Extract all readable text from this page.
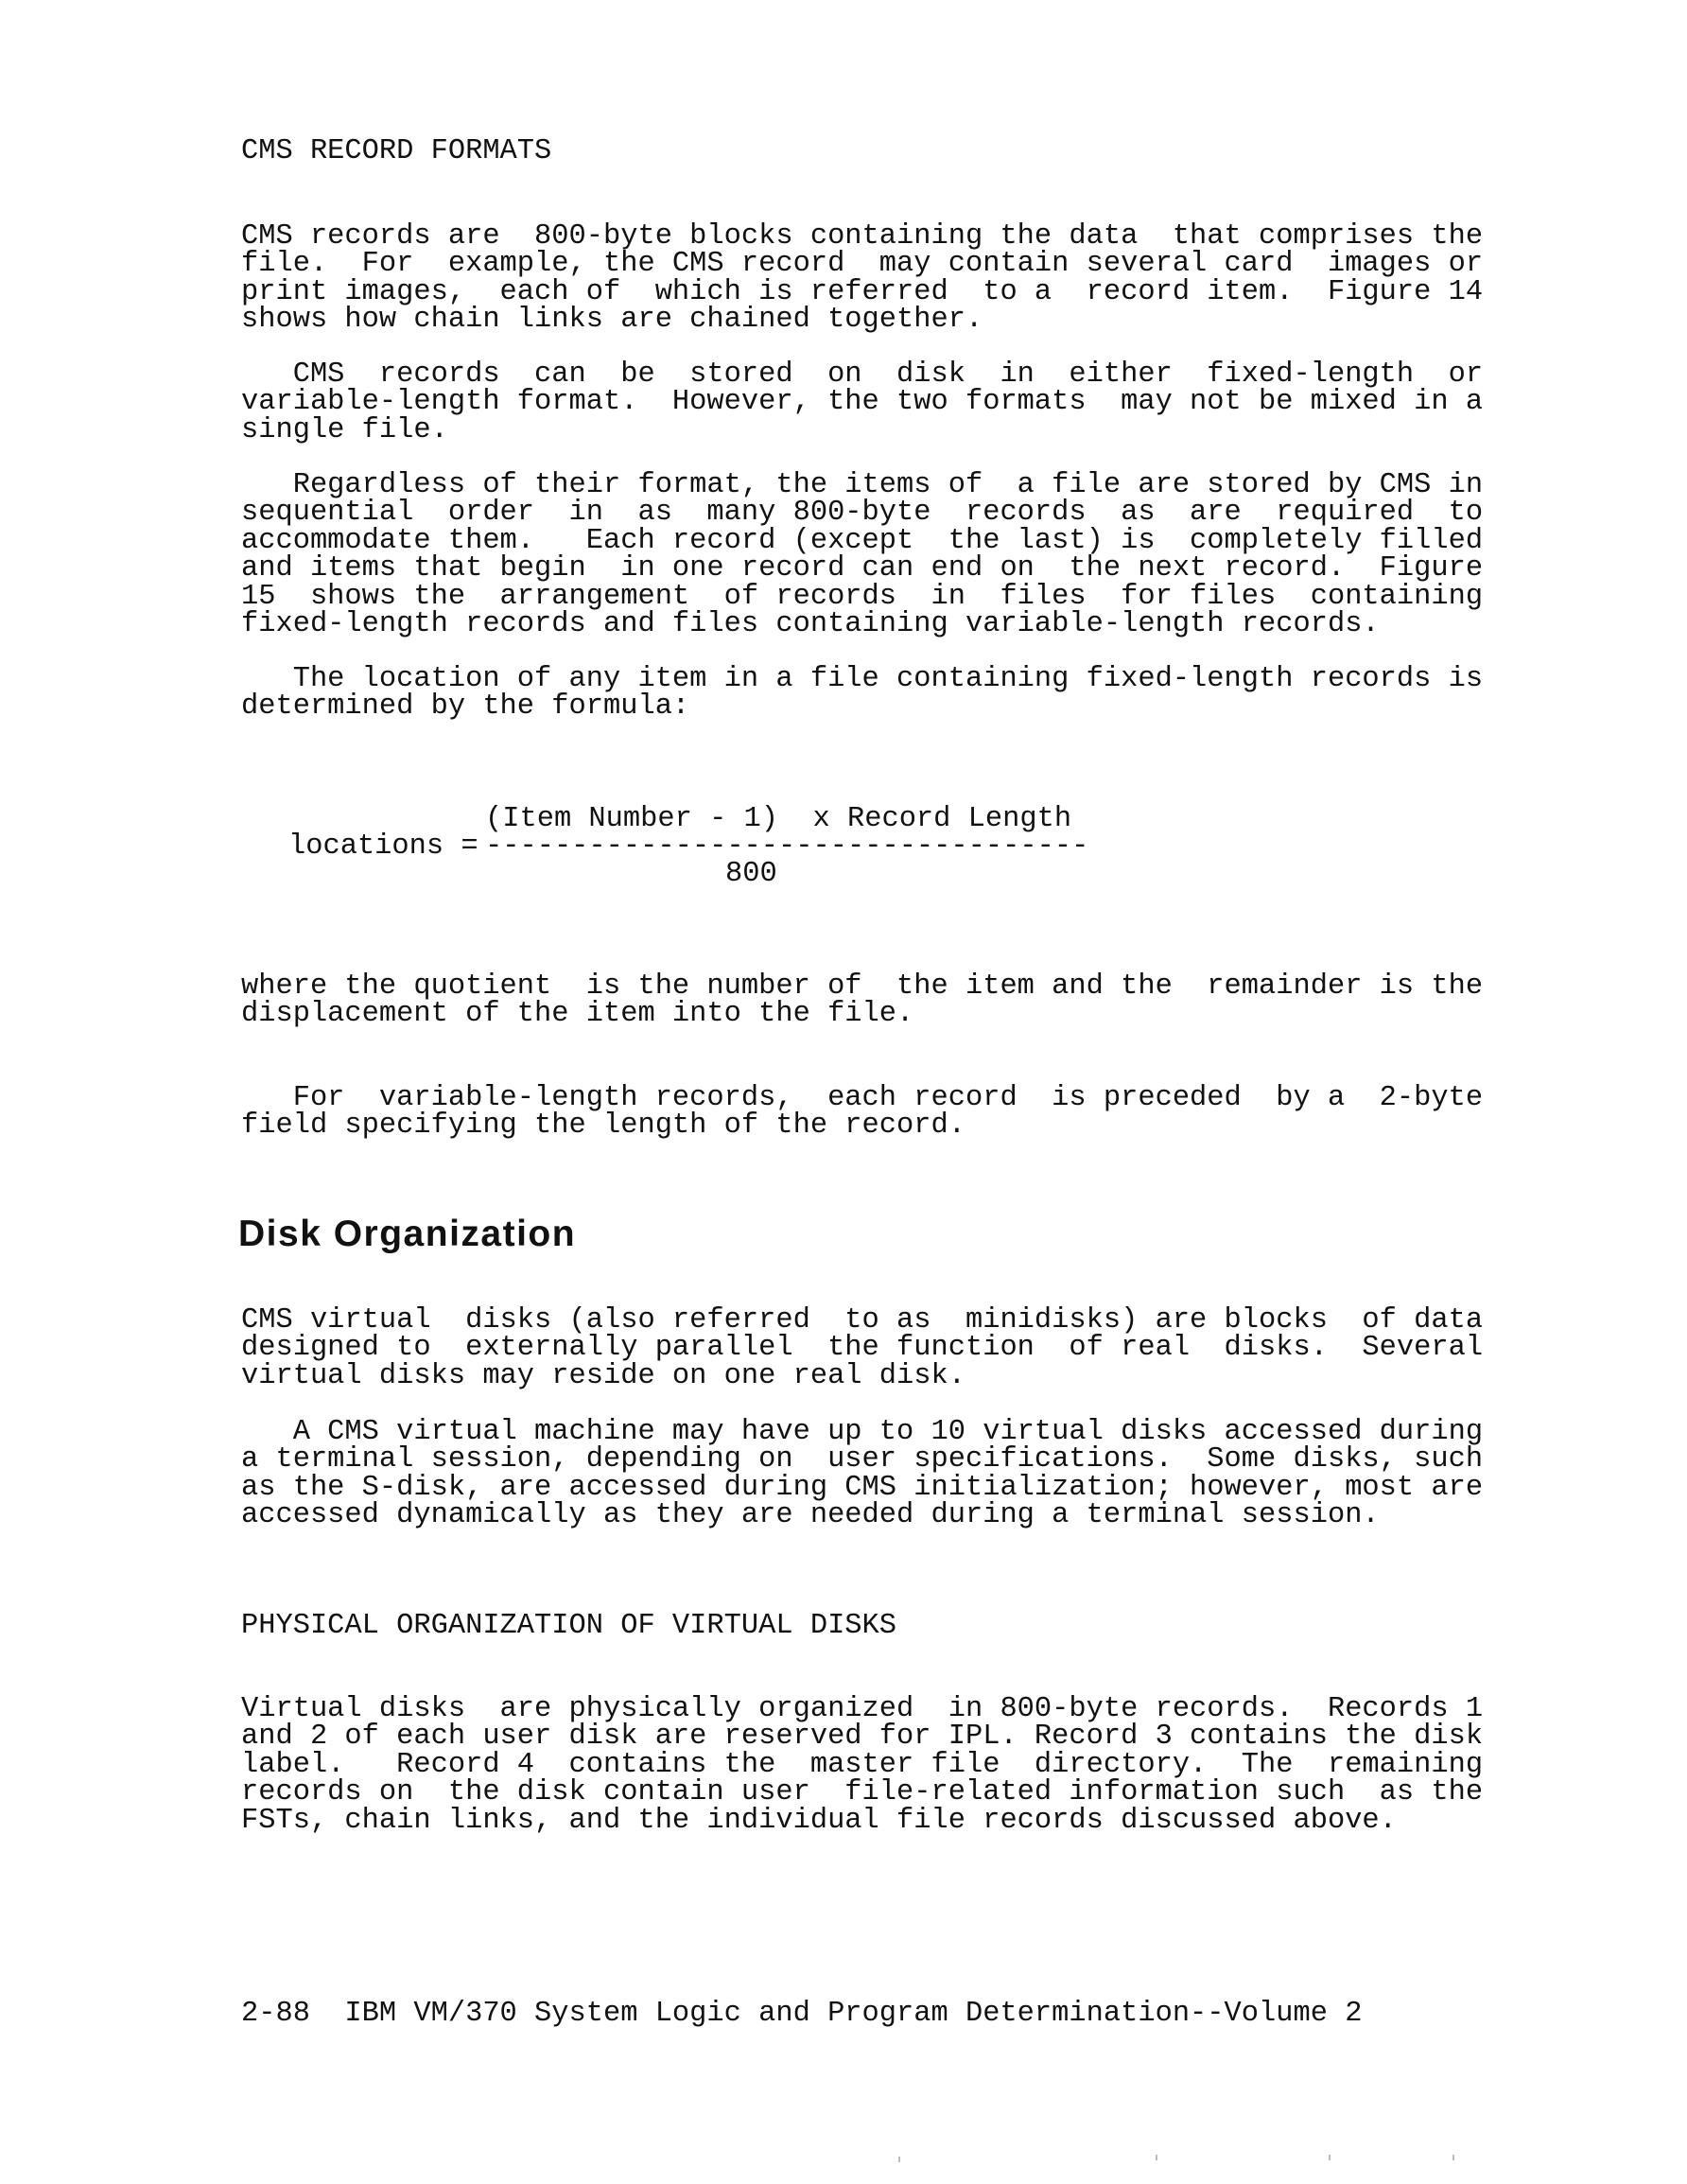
CMS RECORD FORMATS
CMS records are  800-byte blocks containing the data  that comprises the
file.  For  example, the CMS record  may contain several card  images or
print images,  each of  which is referred  to a  record item.  Figure 14
shows how chain links are chained together.
CMS  records  can  be  stored  on  disk  in  either  fixed-length  or
variable-length format.  However, the two formats  may not be mixed in a
single file.
Regardless of their format, the items of  a file are stored by CMS in
sequential  order  in  as  many 800-byte  records  as  are  required  to
accommodate them.   Each record (except  the last) is  completely filled
and items that begin  in one record can end on  the next record.  Figure
15  shows the  arrangement  of records  in  files  for files  containing
fixed-length records and files containing variable-length records.
The location of any item in a file containing fixed-length records is
determined by the formula:
(Item Number - 1)  x Record Length
locations = -----------------------------------
800
where the quotient  is the number of  the item and the  remainder is the
displacement of the item into the file.
For  variable-length records,  each record  is preceded  by a  2-byte
field specifying the length of the record.
Disk Organization
CMS virtual  disks (also referred  to as  minidisks) are blocks  of data
designed to  externally parallel  the function  of real  disks.  Several
virtual disks may reside on one real disk.
A CMS virtual machine may have up to 10 virtual disks accessed during
a terminal session, depending on  user specifications.  Some disks, such
as the S-disk, are accessed during CMS initialization; however, most are
accessed dynamically as they are needed during a terminal session.
PHYSICAL ORGANIZATION OF VIRTUAL DISKS
Virtual disks  are physically organized  in 800-byte records.  Records 1
and 2 of each user disk are reserved for IPL. Record 3 contains the disk
label.   Record 4  contains the  master file  directory.  The  remaining
records on  the disk contain user  file-related information such  as the
FSTs, chain links, and the individual file records discussed above.
2-88  IBM VM/370 System Logic and Program Determination--Volume 2
